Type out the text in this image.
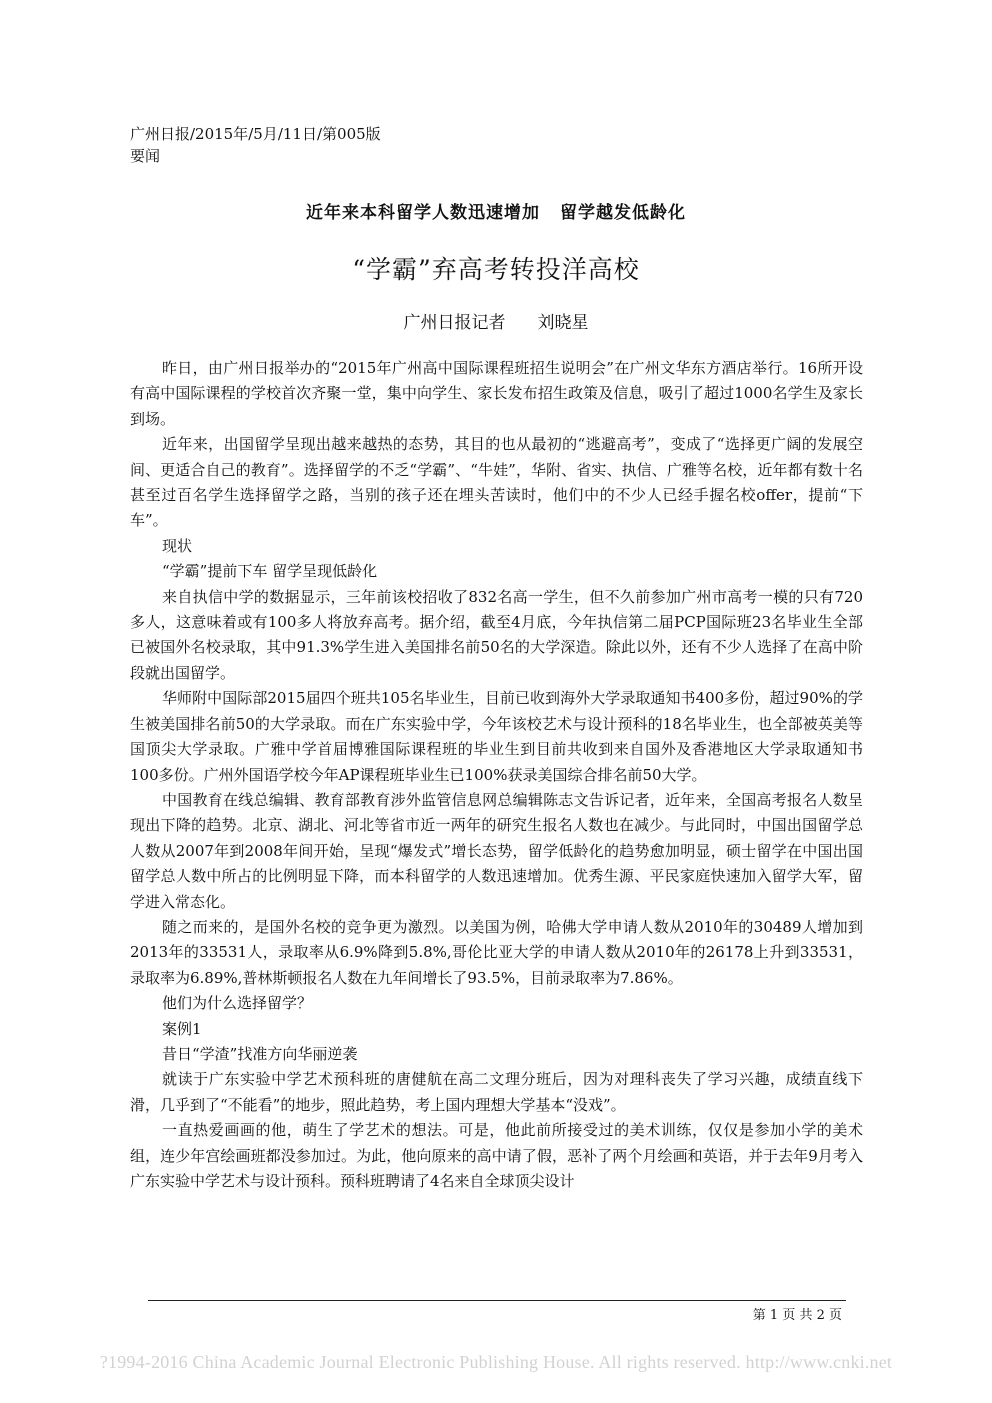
广州日报/2015年/5月/11日/第005版
要闻
近年来本科留学人数迅速增加 留学越发低龄化
“学霸”弃高考转投洋高校
广州日报记者 刘晓星

昨日，由广州日报举办的“2015年广州高中国际课程班招生说明会”在广州文华东方酒店举行。16所开设有高中国际课程的学校首次齐聚一堂，集中向学生、家长发布招生政策及信息，吸引了超过1000名学生及家长到场。

近年来，出国留学呈现出越来越热的态势，其目的也从最初的“逃避高考”，变成了“选择更广阔的发展空间、更适合自己的教育”。选择留学的不乏“学霸”、“牛娃”，华附、省实、执信、广雅等名校，近年都有数十名甚至过百名学生选择留学之路，当别的孩子还在埋头苦读时，他们中的不少人已经手握名校offer，提前“下车”。

现状

“学霸”提前下车 留学呈现低龄化

来自执信中学的数据显示，三年前该校招收了832名高一学生，但不久前参加广州市高考一模的只有720多人，这意味着或有100多人将放弃高考。据介绍，截至4月底，今年执信第二届PCP国际班23名毕业生全部已被国外名校录取，其中91.3%学生进入美国排名前50名的大学深造。除此以外，还有不少人选择了在高中阶段就出国留学。

华师附中国际部2015届四个班共105名毕业生，目前已收到海外大学录取通知书400多份，超过90%的学生被美国排名前50的大学录取。而在广东实验中学，今年该校艺术与设计预科的18名毕业生，也全部被英美等国顶尖大学录取。广雅中学首届博雅国际课程班的毕业生到目前共收到来自国外及香港地区大学录取通知书100多份。广州外国语学校今年AP课程班毕业生已100%获录美国综合排名前50大学。

中国教育在线总编辑、教育部教育涉外监管信息网总编辑陈志文告诉记者，近年来，全国高考报名人数呈现出下降的趋势。北京、湖北、河北等省市近一两年的研究生报名人数也在减少。与此同时，中国出国留学总人数从2007年到2008年间开始，呈现“爆发式”增长态势，留学低龄化的趋势愈加明显，硕士留学在中国出国留学总人数中所占的比例明显下降，而本科留学的人数迅速增加。优秀生源、平民家庭快速加入留学大军，留学进入常态化。

随之而来的，是国外名校的竞争更为激烈。以美国为例，哈佛大学申请人数从2010年的30489人增加到2013年的33531人，录取率从6.9%降到5.8%,哥伦比亚大学的申请人数从2010年的26178上升到33531，录取率为6.89%,普林斯顿报名人数在九年间增长了93.5%，目前录取率为7.86%。

他们为什么选择留学？

案例1

昔日“学渣”找准方向华丽逆袭

就读于广东实验中学艺术预科班的唐健航在高二文理分班后，因为对理科丧失了学习兴趣，成绩直线下滑，几乎到了“不能看”的地步，照此趋势，考上国内理想大学基本“没戏”。

一直热爱画画的他，萌生了学艺术的想法。可是，他此前所接受过的美术训练，仅仅是参加小学的美术组，连少年宫绘画班都没参加过。为此，他向原来的高中请了假，恶补了两个月绘画和英语，并于去年9月考入广东实验中学艺术与设计预科。预科班聘请了4名来自全球顶尖设计

第 1 页 共 2 页
?1994-2016 China Academic Journal Electronic Publishing House. All rights reserved. http://www.cnki.net
